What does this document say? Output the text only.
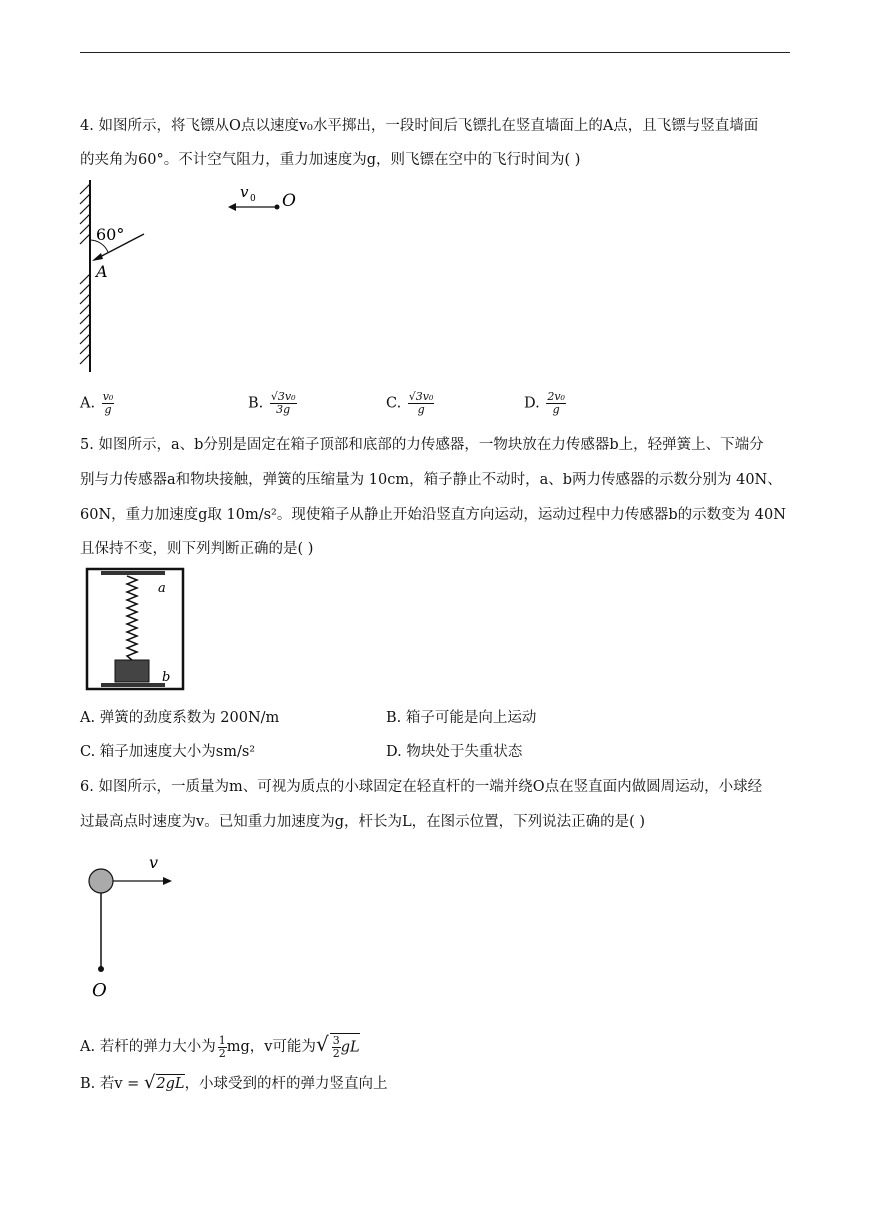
4. 如图所示，将飞镖从O点以速度v₀水平掷出，一段时间后飞镖扎在竖直墙面上的A点，且飞镖与竖直墙面
的夹角为60°。不计空气阻力，重力加速度为g，则飞镖在空中的飞行时间为( )
60°
A
v 0 O
A. $\frac{\text{v₀}}{g}$	B. $\frac{\text{√3v₀}}{3g}$	C. $\frac{\text{√3v₀}}{g}$	D. $\frac{\text{2v₀}}{g}$
5. 如图所示，a、b分别是固定在箱子顶部和底部的力传感器，一物块放在力传感器b上，轻弹簧上、下端分
别与力传感器a和物块接触，弹簧的压缩量为 10cm，箱子静止不动时，a、b两力传感器的示数分别为 40N、
60N，重力加速度g取 10m/s²。现使箱子从静止开始沿竖直方向运动，运动过程中力传感器b的示数变为 40N
且保持不变，则下列判断正确的是( )
a
b
A. 弹簧的劲度系数为 200N/m	B. 箱子可能是向上运动
C. 箱子加速度大小为sm/s²	D. 物块处于失重状态
6. 如图所示，一质量为m、可视为质点的小球固定在轻直杆的一端并绕O点在竖直面内做圆周运动，小球经
过最高点时速度为v。已知重力加速度为g，杆长为L，在图示位置，下列说法正确的是( )
v
O
A. 若杆的弹力大小为 $\frac{1}{2}$ mg，v可能为√ $\frac{3}{2}$ gL
B. 若v = √2gL，小球受到的杆的弹力竖直向上
